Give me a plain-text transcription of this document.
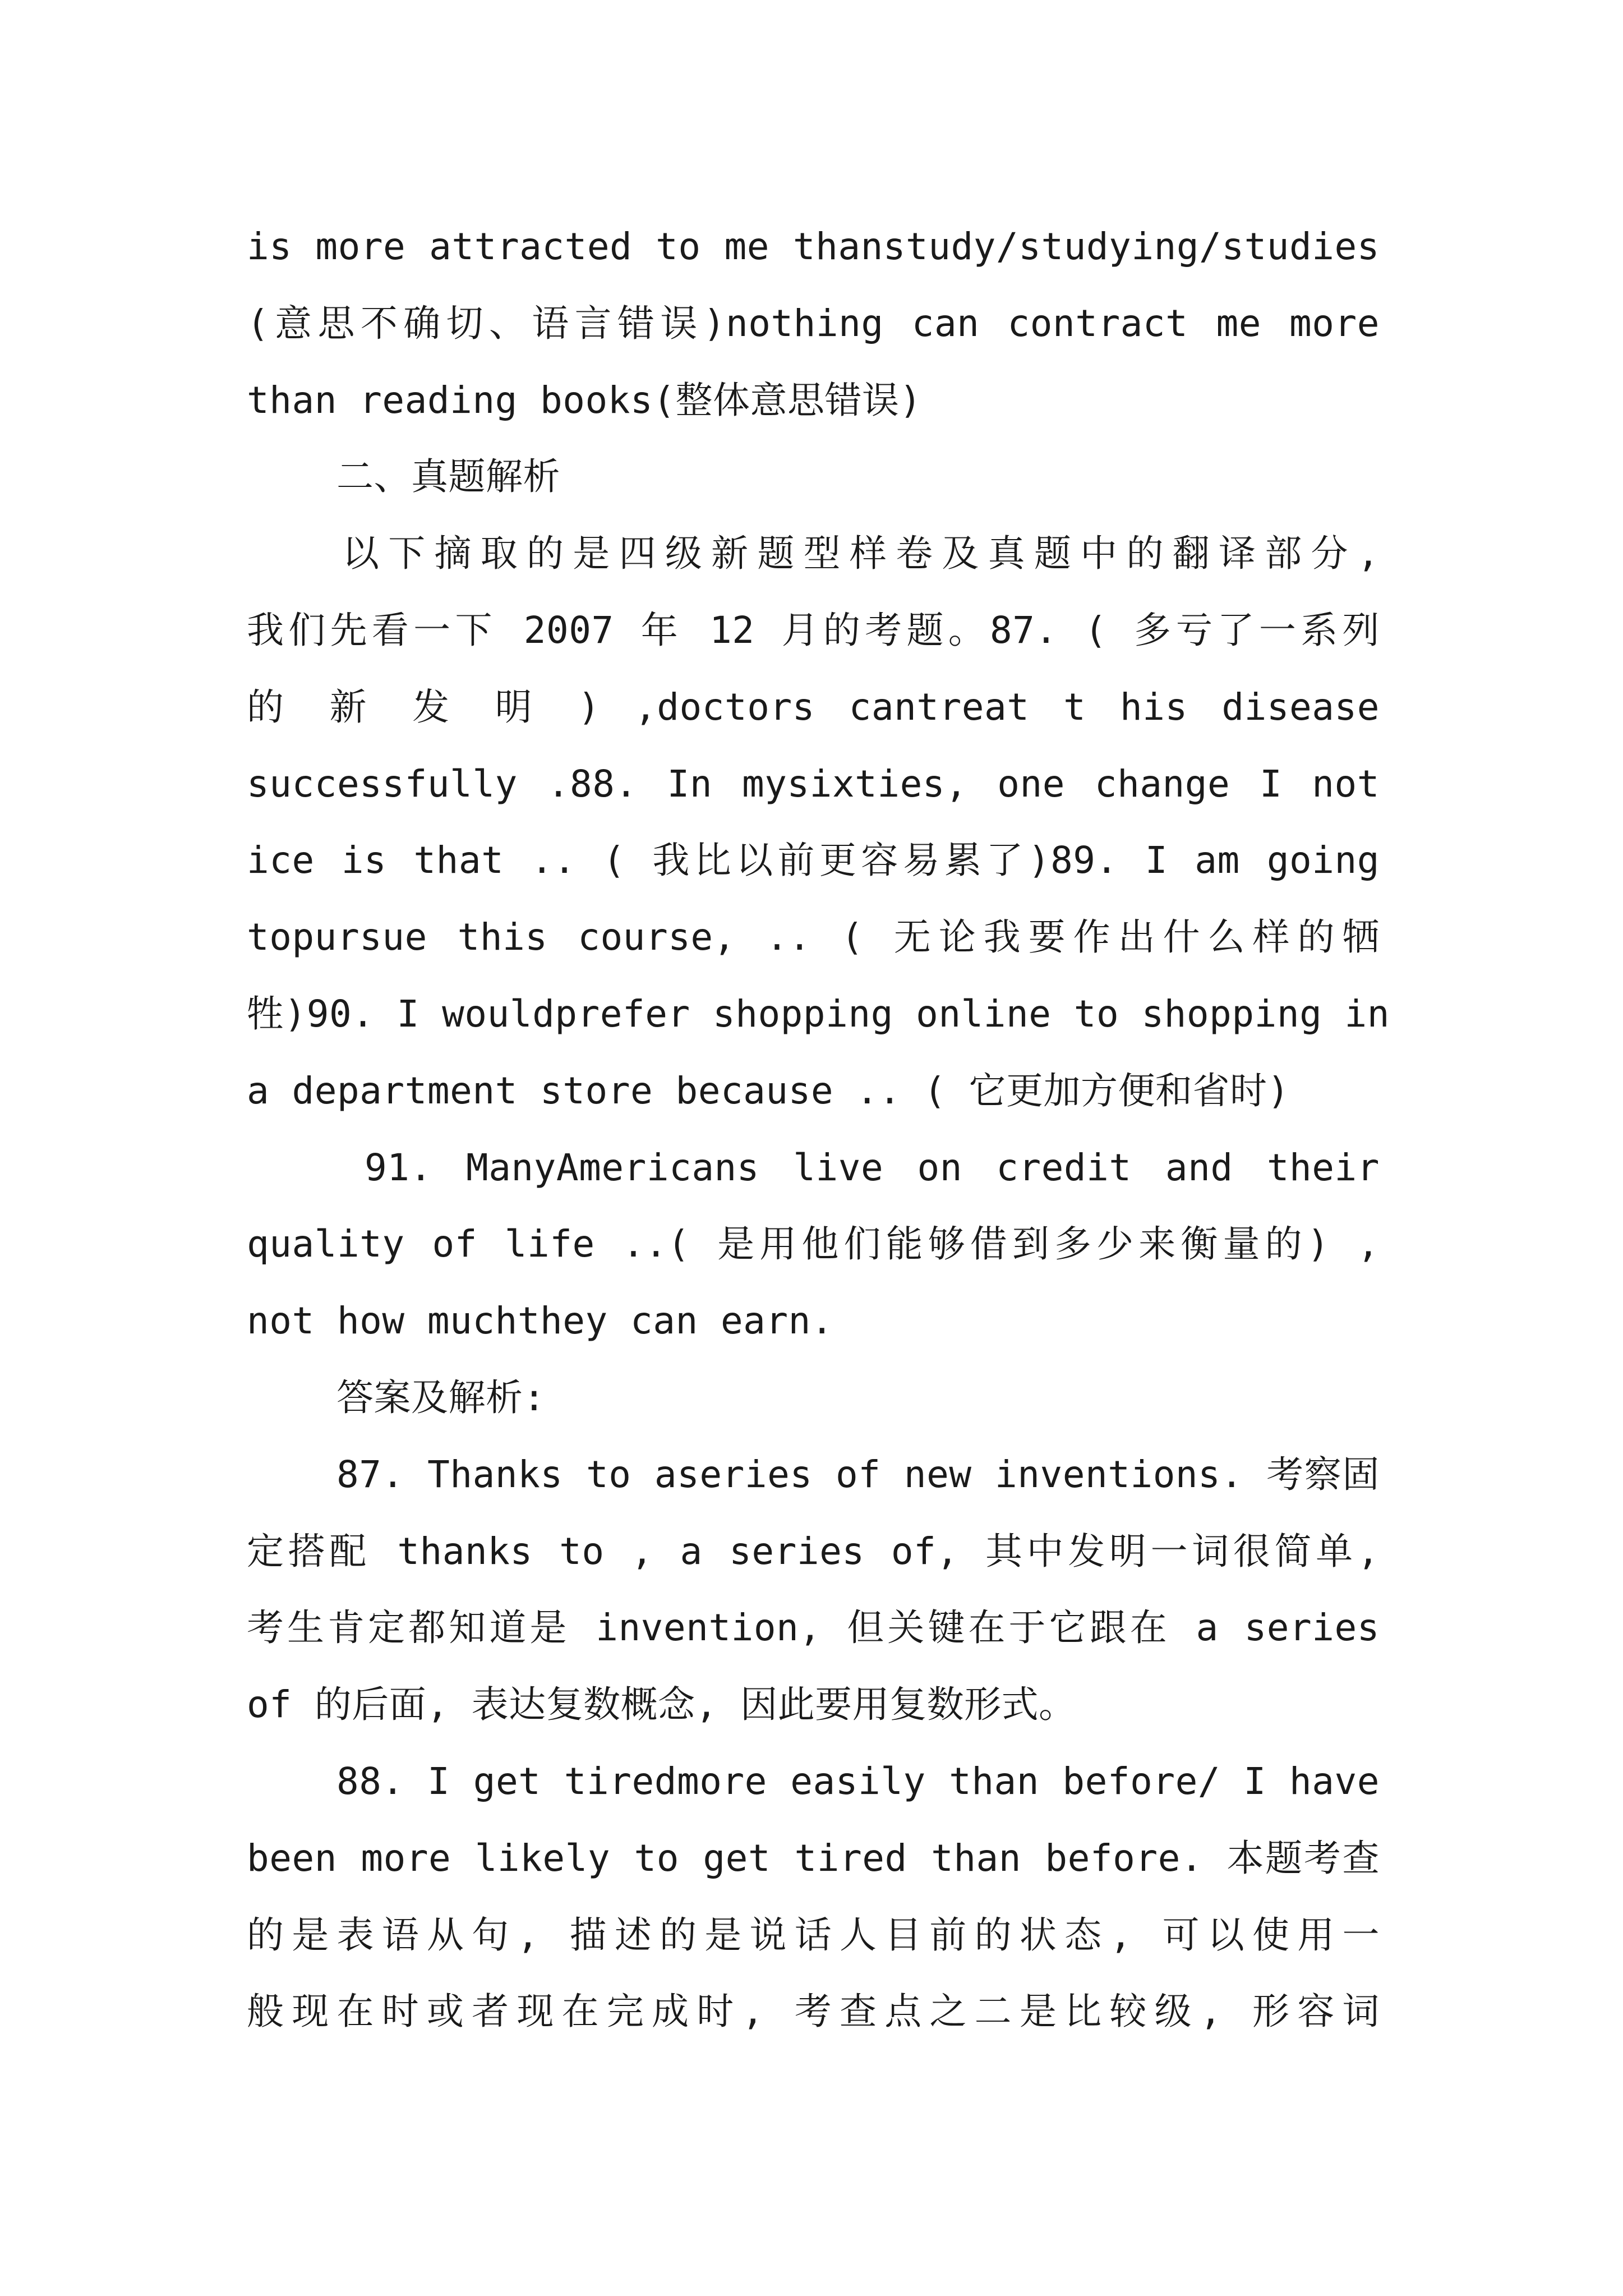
is more attracted to me thanstudy/studying/studies
(意思不确切、语言错误)nothing can contract me more
than reading books(整体意思错误)
二、真题解析
以下摘取的是四级新题型样卷及真题中的翻译部分,
我们先看一下 2007 年 12 月的考题。87. ( 多亏了一系列
的 新 发 明 ) ,doctors cantreat t his disease
successfully .88. In mysixties, one change I not
ice is that .. ( 我比以前更容易累了)89. I am going
topursue this course, .. ( 无论我要作出什么样的牺
牲)90. I wouldprefer shopping online to shopping in
a department store because .. ( 它更加方便和省时)
91. ManyAmericans live on credit and their
quality of life ..( 是用他们能够借到多少来衡量的) ,
not how muchthey can earn.
答案及解析:
87. Thanks to aseries of new inventions. 考察固
定搭配 thanks to , a series of, 其中发明一词很简单,
考生肯定都知道是 invention, 但关键在于它跟在 a series
of 的后面, 表达复数概念, 因此要用复数形式。
88. I get tiredmore easily than before/ I have
been more likely to get tired than before. 本题考查
的是表语从句, 描述的是说话人目前的状态, 可以使用一
般现在时或者现在完成时, 考查点之二是比较级, 形容词
